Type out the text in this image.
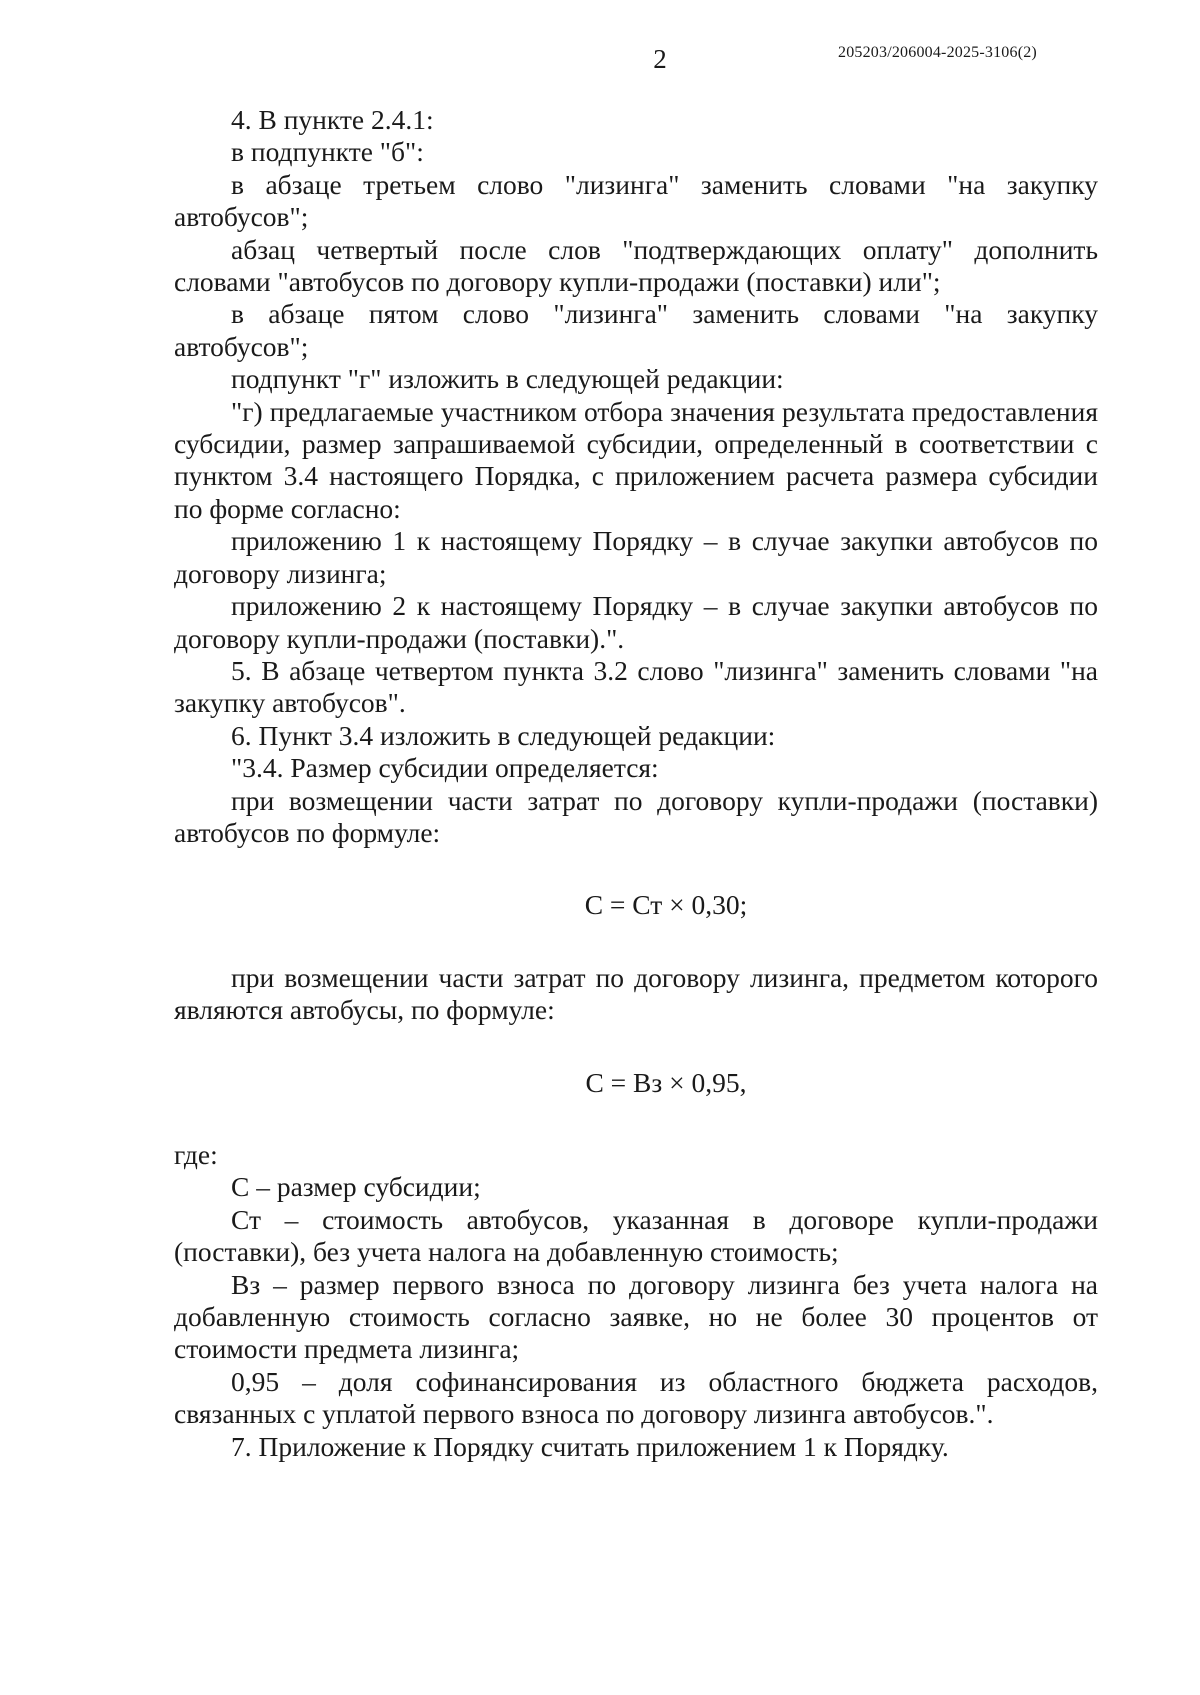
2	205203/206004-2025-3106(2)

4. В пункте 2.4.1:

в подпункте "б":

в абзаце третьем слово "лизинга" заменить словами "на закупку автобусов";

абзац четвертый после слов "подтверждающих оплату" дополнить словами "автобусов по договору купли-продажи (поставки) или";

в абзаце пятом слово "лизинга" заменить словами "на закупку автобусов";

подпункт "г" изложить в следующей редакции:

"г) предлагаемые участником отбора значения результата предоставления субсидии, размер запрашиваемой субсидии, определенный в соответствии с пунктом 3.4 настоящего Порядка, с приложением расчета размера субсидии по форме согласно:

приложению 1 к настоящему Порядку – в случае закупки автобусов по договору лизинга;

приложению 2 к настоящему Порядку – в случае закупки автобусов по договору купли-продажи (поставки).".

5. В абзаце четвертом пункта 3.2 слово "лизинга" заменить словами "на закупку автобусов".

6. Пункт 3.4 изложить в следующей редакции:

"3.4. Размер субсидии определяется:

при возмещении части затрат по договору купли-продажи (поставки) автобусов по формуле:

С = Ст × 0,30;

при возмещении части затрат по договору лизинга, предметом которого являются автобусы, по формуле:

С = Вз × 0,95,

где:

С – размер субсидии;

Ст – стоимость автобусов, указанная в договоре купли-продажи (поставки), без учета налога на добавленную стоимость;

Вз – размер первого взноса по договору лизинга без учета налога на добавленную стоимость согласно заявке, но не более 30 процентов от стоимости предмета лизинга;

0,95 – доля софинансирования из областного бюджета расходов, связанных с уплатой первого взноса по договору лизинга автобусов.".

7. Приложение к Порядку считать приложением 1 к Порядку.
